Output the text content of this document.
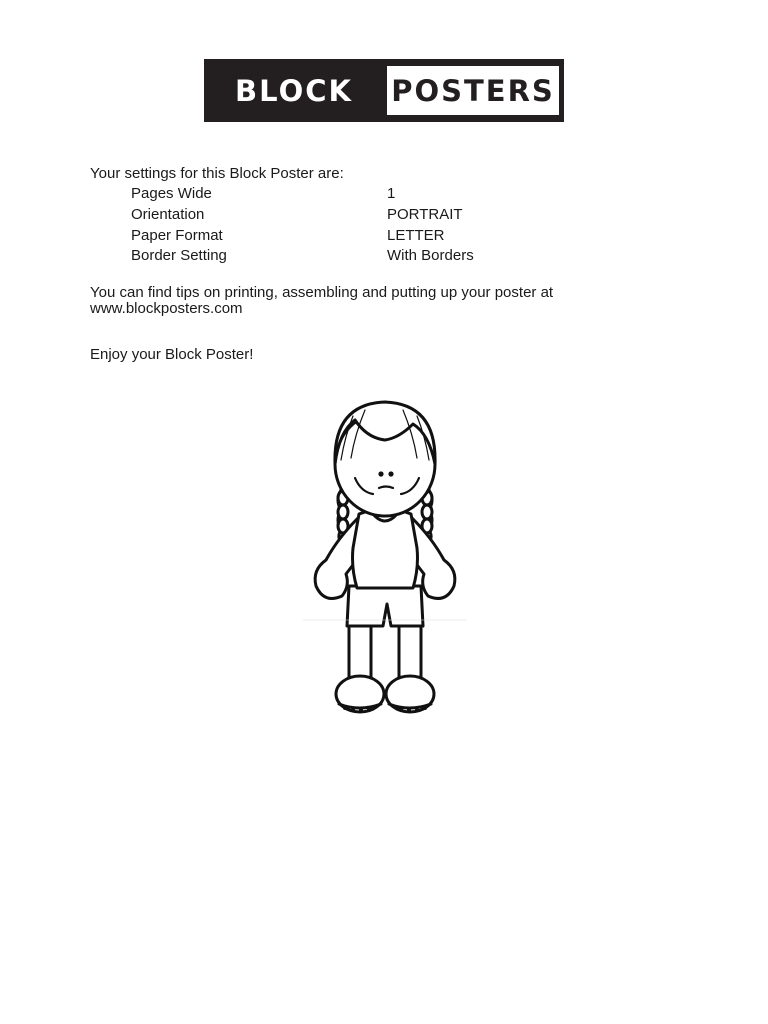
BLOCK	POSTERS
Your settings for this Block Poster are:
Pages Wide	1
Orientation	PORTRAIT
Paper Format	LETTER
Border Setting	With Borders
You can find tips on printing, assembling and putting up your poster at
www.blockposters.com
Enjoy your Block Poster!
